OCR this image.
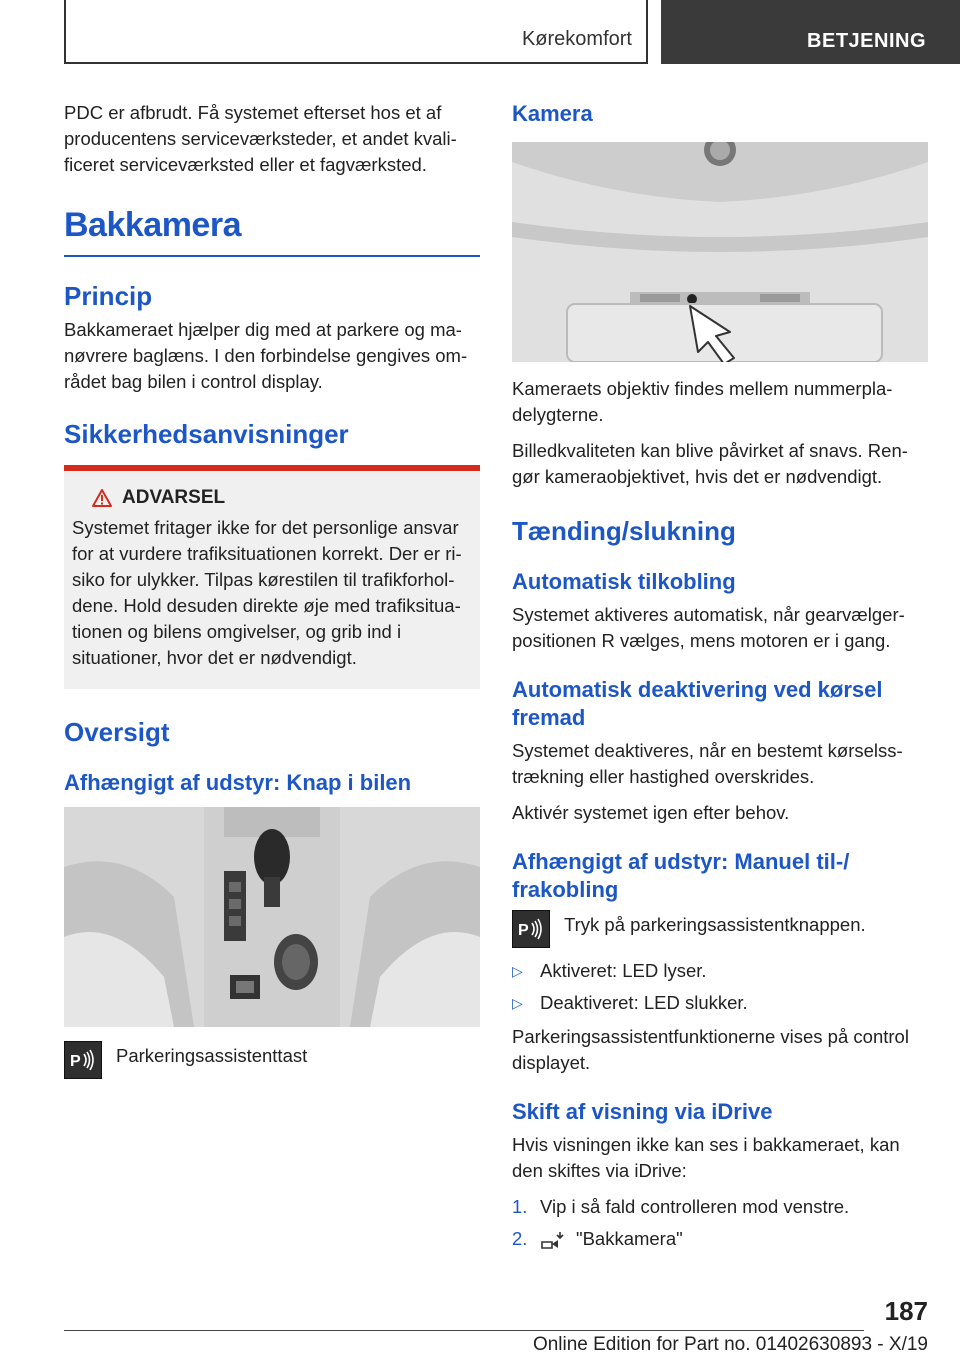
Kørekomfort	BETJENING

PDC er afbrudt. Få systemet efterset hos et af producentens serviceværksteder, et andet kvalificeret serviceværksted eller et fagværksted.

Bakkamera
Princip

Bakkameraet hjælper dig med at parkere og manøvrere baglæns. I den forbindelse gengives området bag bilen i control display.

Sikkerhedsanvisninger
ADVARSEL

Systemet fritager ikke for det personlige ansvar for at vurdere trafiksituationen korrekt. Der er risiko for ulykker. Tilpas kørestilen til trafikforholdene. Hold desuden direkte øje med trafiksituationen og bilens omgivelser, og grib ind i situationer, hvor det er nødvendigt.

Oversigt
Afhængigt af udstyr: Knap i bilen
P Parkeringsassistenttast

Kamera

Kameraets objektiv findes mellem nummerpladelygterne.

Billedkvaliteten kan blive påvirket af snavs. Rengør kameraobjektivet, hvis det er nødvendigt.

Tænding/slukning
Automatisk tilkobling

Systemet aktiveres automatisk, når gearvælgerpositionen R vælges, mens motoren er i gang.

Automatisk deaktivering ved kørsel fremad

Systemet deaktiveres, når en bestemt kørselsstrækning eller hastighed overskrides.

Aktivér systemet igen efter behov.

Afhængigt af udstyr: Manuel til-/ frakobling
P Tryk på parkeringsassistentknappen.

▷ Aktiveret: LED lyser.
▷ Deaktiveret: LED slukker.

Parkeringsassistentfunktionerne vises på control displayet.

Skift af visning via iDrive

Hvis visningen ikke kan ses i bakkameraet, kan den skiftes via iDrive:

1. Vip i så fald controlleren mod venstre.
2.	"Bakkamera"
187
Online Edition for Part no. 01402630893 - X/19
